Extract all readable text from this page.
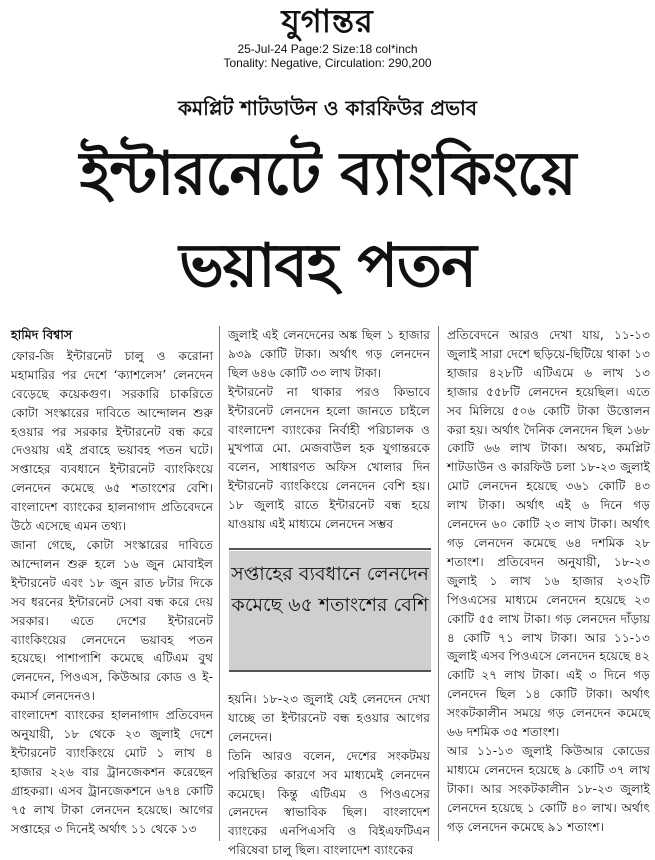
যুগান্তর
25-Jul-24 Page:2 Size:18 col*inch
Tonality: Negative, Circulation: 290,200
কমপ্লিট শাটডাউন ও কারফিউর প্রভাব
ইন্টারনেটে ব্যাংকিংয়ে
ভয়াবহ পতন
হামিদ বিশ্বাস

ফোর-জি ইন্টারনেট চালু ও করোনা মহামারির পর দেশে ‘ক্যাশলেস’ লেনদেন বেড়েছে কয়েকগুণ। সরকারি চাকরিতে কোটা সংস্কারের দাবিতে আন্দোলন শুরু হওয়ার পর সরকার ইন্টারনেট বন্ধ করে দেওয়ায় এই প্রবাহে ভয়াবহ পতন ঘটে। সপ্তাহের ব্যবধানে ইন্টারনেট ব্যাংকিংয়ে লেনদেন কমেছে ৬৫ শতাংশের বেশি। বাংলাদেশ ব্যাংকের হালনাগাদ প্রতিবেদনে উঠে এসেছে এমন তথ্য।

জানা গেছে, কোটা সংস্কারের দাবিতে আন্দোলন শুরু হলে ১৬ জুন মোবাইল ইন্টারনেট এবং ১৮ জুন রাত ৮টার দিকে সব ধরনের ইন্টারনেট সেবা বন্ধ করে দেয় সরকার। এতে দেশের ইন্টারনেট ব্যাংকিংয়ের লেনদেনে ভয়াবহ পতন হয়েছে। পাশাপাশি কমেছে এটিএম বুথ লেনদেন, পিওএস, কিউআর কোড ও ই-কমার্স লেনদেনও।

বাংলাদেশ ব্যাংকের হালনাগাদ প্রতিবেদন অনুযায়ী, ১৮ থেকে ২৩ জুলাই দেশে ইন্টারনেট ব্যাংকিংয়ে মোট ১ লাখ ৪ হাজার ২২৬ বার ট্রানজেকশন করেছেন গ্রাহকরা। এসব ট্রানজেকশনে ৬৭৪ কোটি ৭৫ লাখ টাকা লেনদেন হয়েছে। আগের সপ্তাহের ৩ দিনেই অর্থাৎ ১১ থেকে ১৩

জুলাই এই লেনদেনের অঙ্ক ছিল ১ হাজার ৯৩৯ কোটি টাকা। অর্থাৎ গড় লেনদেন ছিল ৬৪৬ কোটি ৩৩ লাখ টাকা।

ইন্টারনেট না থাকার পরও কিভাবে ইন্টারনেট লেনদেন হলো জানতে চাইলে বাংলাদেশ ব্যাংকের নির্বাহী পরিচালক ও মুখপাত্র মো. মেজবাউল হক যুগান্তরকে বলেন, সাধারণত অফিস খোলার দিন ইন্টারনেট ব্যাংকিংয়ে লেনদেন বেশি হয়। ১৮ জুলাই রাতে ইন্টারনেট বন্ধ হয়ে যাওয়ায় এই মাধ্যমে লেনদেন সম্ভব

সপ্তাহের ব্যবধানে লেনদেন কমেছে ৬৫ শতাংশের বেশি

হয়নি। ১৮-২৩ জুলাই যেই লেনদেন দেখা যাচ্ছে তা ইন্টারনেট বন্ধ হওয়ার আগের লেনদেন।

তিনি আরও বলেন, দেশের সংকটময় পরিস্থিতির কারণে সব মাধ্যমেই লেনদেন কমেছে। কিন্তু এটিএম ও পিওএসের লেনদেন স্বাভাবিক ছিল। বাংলাদেশ ব্যাংকের এনপিএসবি ও বিইএফটিএন পরিষেবা চালু ছিল। বাংলাদেশ ব্যাংকের

প্রতিবেদনে আরও দেখা যায়, ১১-১৩ জুলাই সারা দেশে ছড়িয়ে-ছিটিয়ে থাকা ১৩ হাজার ৪২৮টি এটিএমে ৬ লাখ ১৩ হাজার ৫৫৮টি লেনদেন হয়েছিল। এতে সব মিলিয়ে ৫০৬ কোটি টাকা উত্তোলন করা হয়। অর্থাৎ দৈনিক লেনদেন ছিল ১৬৮ কোটি ৬৬ লাখ টাকা। অথচ, কমপ্লিট শাটডাউন ও কারফিউ চলা ১৮-২৩ জুলাই মোট লেনদেন হয়েছে ৩৬১ কোটি ৪৩ লাখ টাকা। অর্থাৎ এই ৬ দিনে গড় লেনদেন ৬০ কোটি ২৩ লাখ টাকা। অর্থাৎ গড় লেনদেন কমেছে ৬৪ দশমিক ২৮ শতাংশ। প্রতিবেদন অনুযায়ী, ১৮-২৩ জুলাই ১ লাখ ১৬ হাজার ২৩২টি পিওএসের মাধ্যমে লেনদেন হয়েছে ২৩ কোটি ৫৫ লাখ টাকা। গড় লেনদেন দাঁড়ায় ৪ কোটি ৭১ লাখ টাকা। আর ১১-১৩ জুলাই এসব পিওএসে লেনদেন হয়েছে ৪২ কোটি ২৭ লাখ টাকা। এই ৩ দিনে গড় লেনদেন ছিল ১৪ কোটি টাকা। অর্থাৎ সংকটকালীন সময়ে গড় লেনদেন কমেছে ৬৬ দশমিক ৩৫ শতাংশ।

আর ১১-১৩ জুলাই কিউআর কোডের মাধ্যমে লেনদেন হয়েছে ৯ কোটি ৩৭ লাখ টাকা। আর সংকটকালীন ১৮-২৩ জুলাই লেনদেন হয়েছে ১ কোটি ৪০ লাখ। অর্থাৎ গড় লেনদেন কমেছে ৯১ শতাংশ।
